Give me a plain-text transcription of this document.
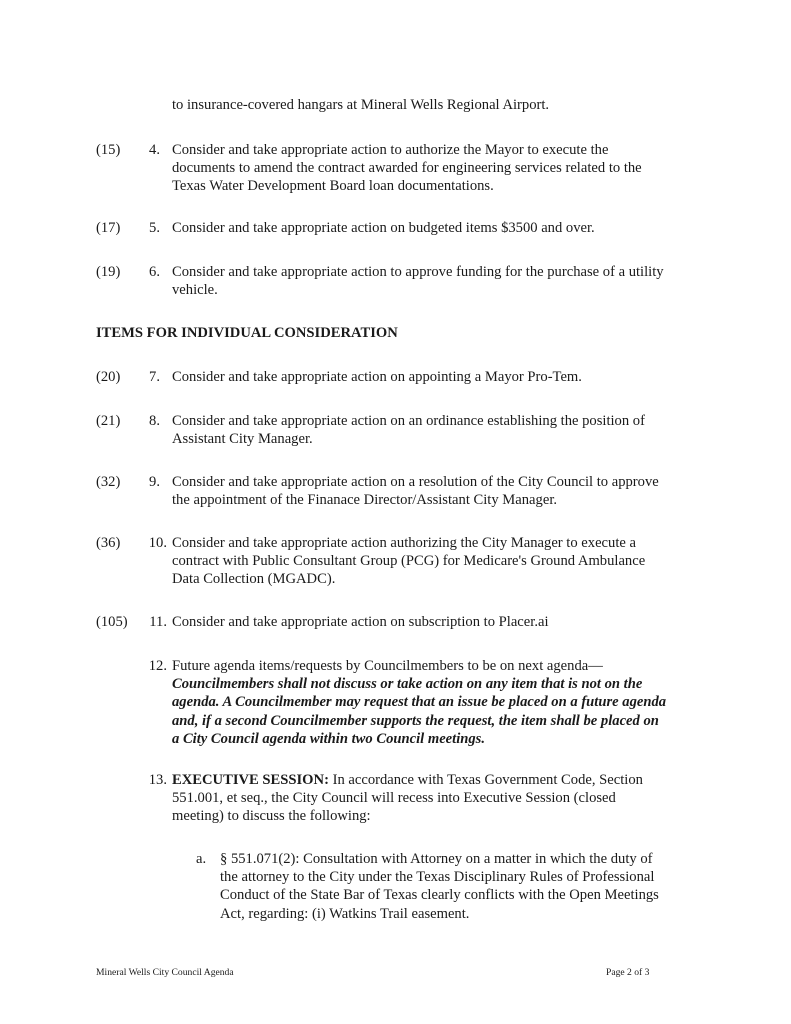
to insurance-covered hangars at Mineral Wells Regional Airport.
(15)	4. Consider and take appropriate action to authorize the Mayor to execute the
documents to amend the contract awarded for engineering services related to the
Texas Water Development Board loan documentations.
(17)	5. Consider and take appropriate action on budgeted items $3500 and over.
(19)	6. Consider and take appropriate action to approve funding for the purchase of a utility
vehicle.
ITEMS FOR INDIVIDUAL CONSIDERATION
(20)	7. Consider and take appropriate action on appointing a Mayor Pro-Tem.
(21)	8. Consider and take appropriate action on an ordinance establishing the position of
Assistant City Manager.
(32)	9. Consider and take appropriate action on a resolution of the City Council to approve
the appointment of the Finanace Director/Assistant City Manager.
(36)	10. Consider and take appropriate action authorizing the City Manager to execute a
contract with Public Consultant Group (PCG) for Medicare's Ground Ambulance
Data Collection (MGADC).
(105)	11. Consider and take appropriate action on subscription to Placer.ai
12. Future agenda items/requests by Councilmembers to be on next agenda—
Councilmembers shall not discuss or take action on any item that is not on the
agenda. A Councilmember may request that an issue be placed on a future agenda
and, if a second Councilmember supports the request, the item shall be placed on
a City Council agenda within two Council meetings.
13. EXECUTIVE SESSION: In accordance with Texas Government Code, Section
551.001, et seq., the City Council will recess into Executive Session (closed
meeting) to discuss the following:
a. § 551.071(2): Consultation with Attorney on a matter in which the duty of
the attorney to the City under the Texas Disciplinary Rules of Professional
Conduct of the State Bar of Texas clearly conflicts with the Open Meetings
Act, regarding: (i) Watkins Trail easement.
Mineral Wells City Council Agenda	Page 2 of 3
